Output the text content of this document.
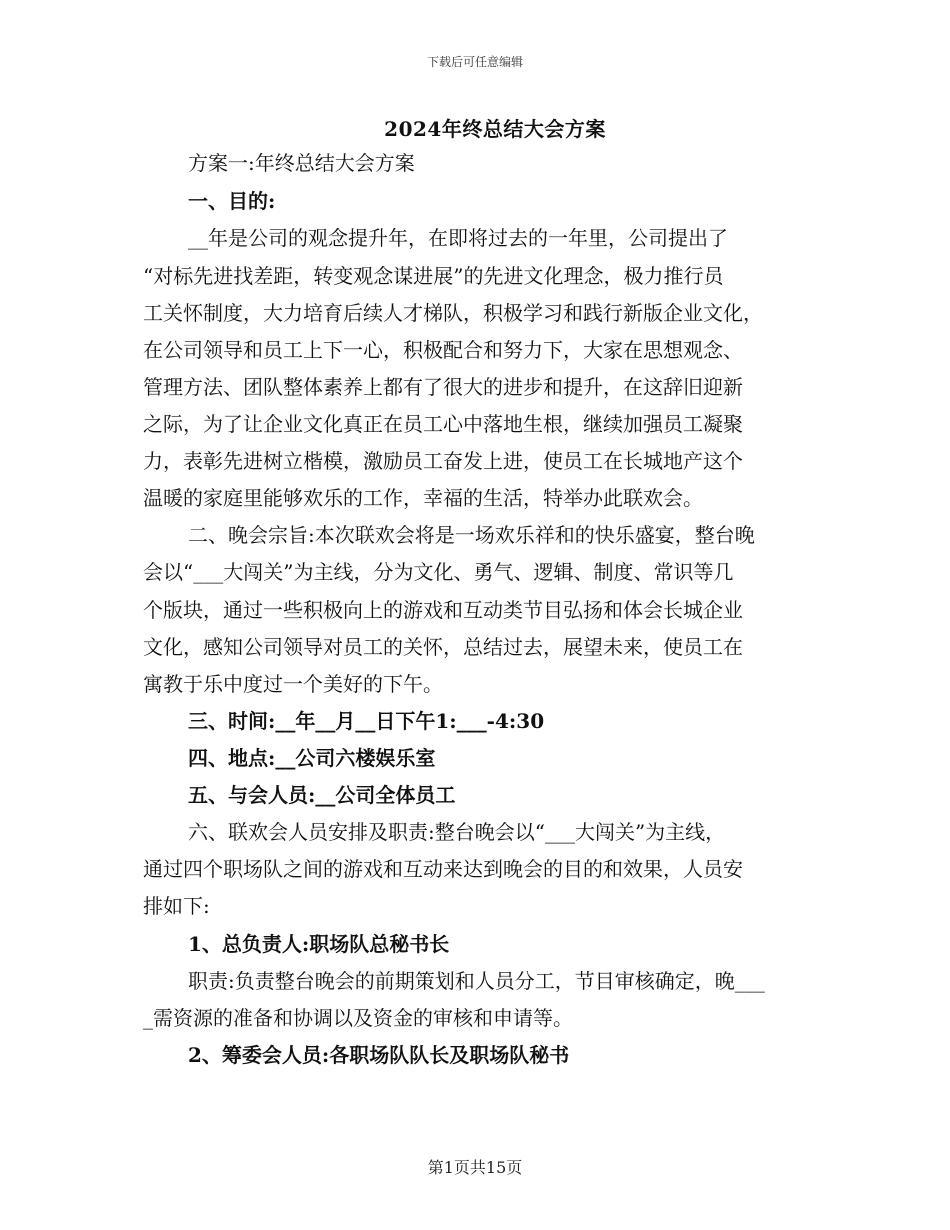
下载后可任意编辑
2024年终总结大会方案
方案一:年终总结大会方案
一、目的:
__年是公司的观念提升年，在即将过去的一年里，公司提出了
“对标先进找差距，转变观念谋进展”的先进文化理念，极力推行员
工关怀制度，大力培育后续人才梯队，积极学习和践行新版企业文化，
在公司领导和员工上下一心，积极配合和努力下，大家在思想观念、
管理方法、团队整体素养上都有了很大的进步和提升，在这辞旧迎新
之际，为了让企业文化真正在员工心中落地生根，继续加强员工凝聚
力，表彰先进树立楷模，激励员工奋发上进，使员工在长城地产这个
温暖的家庭里能够欢乐的工作，幸福的生活，特举办此联欢会。
二、晚会宗旨:本次联欢会将是一场欢乐祥和的快乐盛宴，整台晚
会以“___大闯关”为主线，分为文化、勇气、逻辑、制度、常识等几
个版块，通过一些积极向上的游戏和互动类节目弘扬和体会长城企业
文化，感知公司领导对员工的关怀，总结过去，展望未来，使员工在
寓教于乐中度过一个美好的下午。
三、时间:__年__月__日下午1:___-4:30
四、地点:__公司六楼娱乐室
五、与会人员:__公司全体员工
六、联欢会人员安排及职责:整台晚会以“___大闯关”为主线，
通过四个职场队之间的游戏和互动来达到晚会的目的和效果，人员安
排如下:
1、总负责人:职场队总秘书长
职责:负责整台晚会的前期策划和人员分工，节目审核确定，晚___
_需资源的准备和协调以及资金的审核和申请等。
2、筹委会人员:各职场队队长及职场队秘书
第1页共15页
